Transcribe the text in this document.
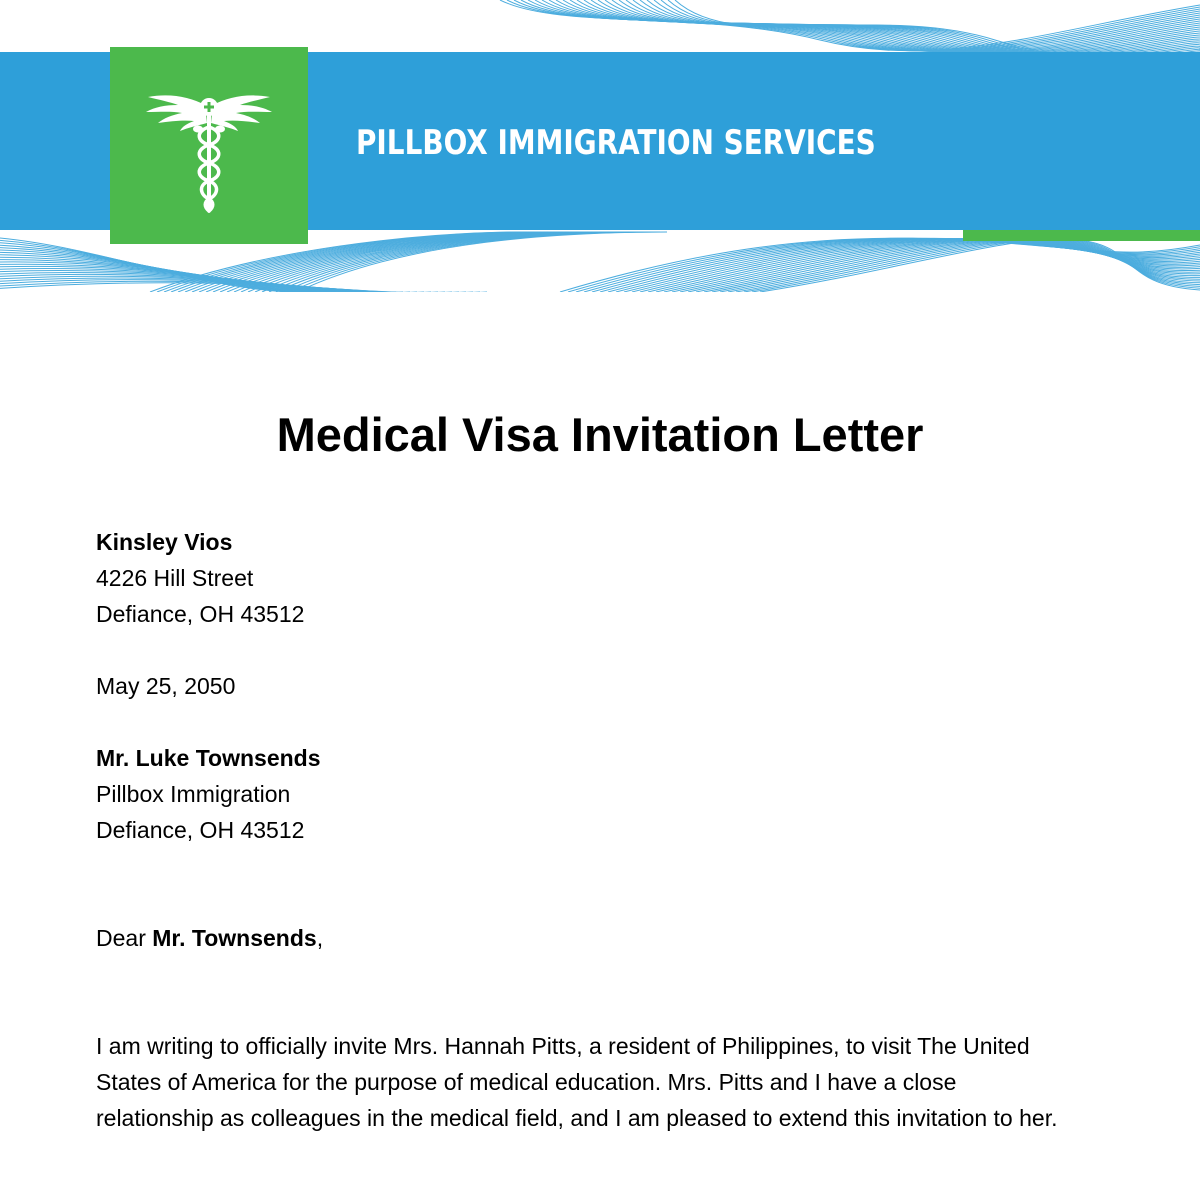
PILLBOX IMMIGRATION SERVICES
Medical Visa Invitation Letter
Kinsley Vios
4226 Hill Street
Defiance, OH 43512
May 25, 2050
Mr. Luke Townsends
Pillbox Immigration
Defiance, OH 43512
Dear Mr. Townsends,
I am writing to officially invite Mrs. Hannah Pitts, a resident of Philippines, to visit The United States of America for the purpose of medical education. Mrs. Pitts and I have a close relationship as colleagues in the medical field, and I am pleased to extend this invitation to her.
